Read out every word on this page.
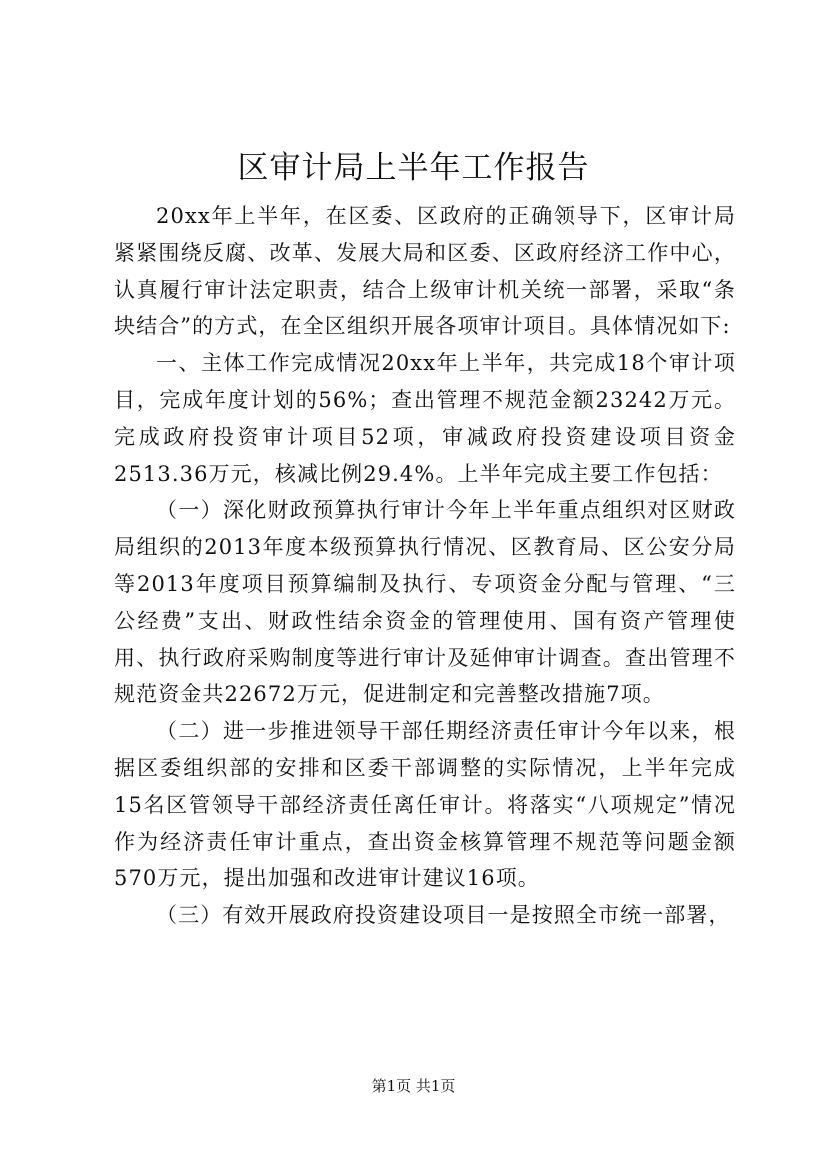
区审计局上半年工作报告

20xx年上半年，在区委、区政府的正确领导下，区审计局紧紧围绕反腐、改革、发展大局和区委、区政府经济工作中心，认真履行审计法定职责，结合上级审计机关统一部署，采取“条块结合”的方式，在全区组织开展各项审计项目。具体情况如下:

一、主体工作完成情况20xx年上半年，共完成18个审计项目，完成年度计划的56%；查出管理不规范金额23242万元。完成政府投资审计项目52项，审减政府投资建设项目资金2513.36万元，核减比例29.4%。上半年完成主要工作包括：

（一）深化财政预算执行审计今年上半年重点组织对区财政局组织的2013年度本级预算执行情况、区教育局、区公安分局等2013年度项目预算编制及执行、专项资金分配与管理、“三公经费”支出、财政性结余资金的管理使用、国有资产管理使用、执行政府采购制度等进行审计及延伸审计调查。查出管理不规范资金共22672万元，促进制定和完善整改措施7项。

（二）进一步推进领导干部任期经济责任审计今年以来，根据区委组织部的安排和区委干部调整的实际情况，上半年完成15名区管领导干部经济责任离任审计。将落实“八项规定”情况作为经济责任审计重点，查出资金核算管理不规范等问题金额570万元，提出加强和改进审计建议16项。

（三）有效开展政府投资建设项目一是按照全市统一部署，

第1页 共1页
